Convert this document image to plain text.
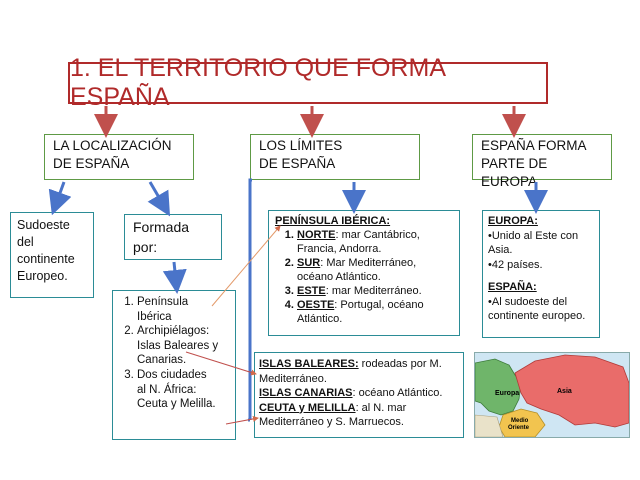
1. EL TERRITORIO QUE FORMA ESPAÑA
LA LOCALIZACIÓN
DE ESPAÑA
LOS LÍMITES
DE ESPAÑA
ESPAÑA FORMA
PARTE DE EUROPA
Sudoeste
del
continente
Europeo.
Formada
por:
1. Península
Ibérica
2. Archipiélagos:
Islas Baleares y
Canarias.
3. Dos ciudades
al N. África:
Ceuta y Melilla.
PENÍNSULA IBÉRICA:
1. NORTE: mar Cantábrico, Francia, Andorra.
2. SUR: Mar Mediterráneo, océano Atlántico.
3. ESTE: mar Mediterráneo.
4. OESTE: Portugal, océano Atlántico.
ISLAS BALEARES: rodeadas por M. Mediterráneo.
ISLAS CANARIAS: océano Atlántico.
CEUTA y MELILLA: al N. mar Mediterráneo y S. Marruecos.
EUROPA:
•Unido al Este con Asia.
•42 países.
ESPAÑA:
•Al sudoeste del continente europeo.
Europa	Asia
Medio
Oriente
